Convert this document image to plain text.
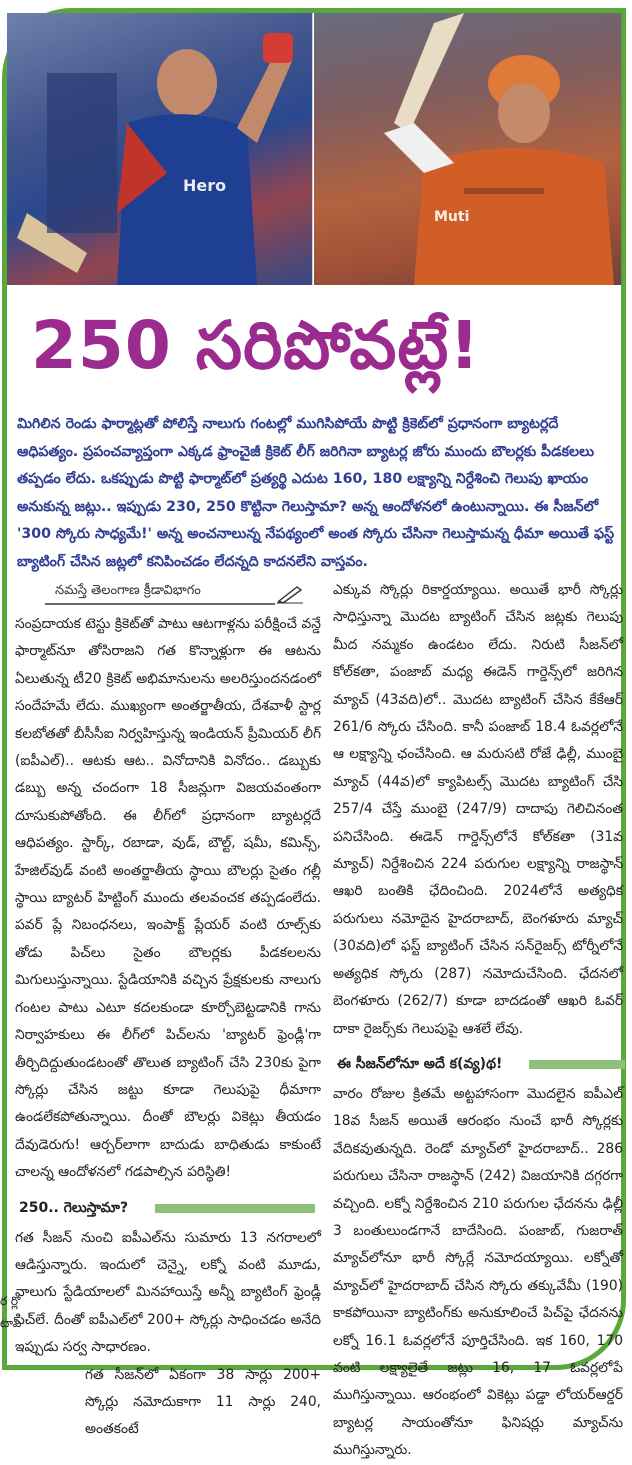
Hero
Muti
250 సరిపోవట్లే!
మిగిలిన రెండు ఫార్మాట్లతో పోలిస్తే నాలుగు గంటల్లో ముగిసిపోయే పొట్టి క్రికెట్‌లో ప్రధానంగా బ్యాటర్లదే ఆధిపత్యం. ప్రపంచవ్యాప్తంగా ఎక్కడ ఫ్రాంచైజీ క్రికెట్ లీగ్ జరిగినా బ్యాటర్ల జోరు ముందు బౌలర్లకు పీడకలలు తప్పడం లేదు. ఒకప్పుడు పొట్టి ఫార్మాట్‌లో ప్రత్యర్థి ఎదుట 160, 180 లక్ష్యాన్ని నిర్దేశించి గెలుపు ఖాయం అనుకున్న జట్లు.. ఇప్పుడు 230, 250 కొట్టినా గెలుస్తామా? అన్న ఆందోళనలో ఉంటున్నాయి. ఈ సీజన్‌లో '300 స్కోరు సాధ్యమే!' అన్న అంచనాలున్న నేపథ్యంలో అంత స్కోరు చేసినా గెలుస్తామన్న ధీమా అయితే ఫస్ట్ బ్యాటింగ్ చేసిన జట్లలో కనిపించడం లేదన్నది కాదనలేని వాస్తవం.
నమస్తే తెలంగాణ క్రీడావిభాగం

సంప్రదాయక టెస్టు క్రికెట్‌తో పాటు ఆటగాళ్లను పరీక్షించే వన్డే ఫార్మాట్‌నూ తోసిరాజని గత కొన్నాళ్లుగా ఈ ఆటను ఏలుతున్న టీ20 క్రికెట్ అభిమానులను అలరిస్తుందనడంలో సందేహమే లేదు. ముఖ్యంగా అంతర్జాతీయ, దేశవాళీ స్టార్ల కలబోతతో బీసీసీఐ నిర్వహిస్తున్న ఇండియన్ ప్రీమియర్ లీగ్ (ఐపీఎల్).. ఆటకు ఆట.. వినోదానికి వినోదం.. డబ్బుకు డబ్బు అన్న చందంగా 18 సీజన్లుగా విజయవంతంగా దూసుకుపోతోంది. ఈ లీగ్‌లో ప్రధానంగా బ్యాటర్లదే ఆధిపత్యం. స్టార్క్, రబాడా, వుడ్, బౌల్ట్, షమీ, కమిన్స్, హేజిల్‌వుడ్ వంటి అంతర్జాతీయ స్థాయి బౌలర్లు సైతం గల్లీ స్థాయి బ్యాటర్ హిట్టింగ్ ముందు తలవంచక తప్పడంలేదు. పవర్ ప్లే నిబంధనలు, ఇంపాక్ట్ ప్లేయర్ వంటి రూల్స్‌కు తోడు పిచ్‌లు సైతం బౌలర్లకు పీడకలలను మిగులుస్తున్నాయి. స్టేడియానికి వచ్చిన ప్రేక్షకులకు నాలుగు గంటల పాటు ఎటూ కదలకుండా కూర్చోబెట్టడానికి గాను నిర్వాహకులు ఈ లీగ్‌లో పిచ్‌లను 'బ్యాటర్ ఫ్రెండ్లీ'గా తీర్చిదిద్దుతుండటంతో తొలుత బ్యాటింగ్ చేసి 230కు పైగా స్కోర్లు చేసిన జట్టు కూడా గెలుపుపై ధీమాగా ఉండలేకపోతున్నాయి. దీంతో బౌలర్లు వికెట్లు తీయడం దేవుడెరుగు! ఆర్చర్‌లాగా బాదుడు బాధితుడు కాకుంటే చాలన్న ఆందోళనలో గడపాల్సిన పరిస్థితి!

250.. గెలుస్తామా?

గత సీజన్ నుంచి ఐపీఎల్‌ను సుమారు 13 నగరాలలో ఆడిస్తున్నారు. ఇందులో చెన్నై, లక్నో వంటి మూడు, నాలుగు స్టేడియాలలో మినహాయిస్తే అన్నీ బ్యాటింగ్ ఫ్రెండ్లీ పిచ్‌లే. దీంతో ఐపీఎల్‌లో 200+ స్కోర్లు సాధించడం అనేది ఇప్పుడు సర్వ సాధారణం.

గత సీజన్‌లో ఏకంగా 38 సార్లు 200+ స్కోర్లు నమోదుకాగా 11 సార్లు 240, అంతకంటే

ఎక్కువ స్కోర్లు రికార్డయ్యాయి. అయితే భారీ స్కోర్లు సాధిస్తున్నా మొదట బ్యాటింగ్ చేసిన జట్లకు గెలుపు మీద నమ్మకం ఉండటం లేదు. నిరుటి సీజన్‌లో కోల్‌కతా, పంజాబ్ మధ్య ఈడెన్ గార్డెన్స్‌లో జరిగిన మ్యాచ్ (43వది)లో.. మొదట బ్యాటింగ్ చేసిన కేకేఆర్ 261/6 స్కోరు చేసింది. కానీ పంజాబ్ 18.4 ఓవర్లలోనే ఆ లక్ష్యాన్ని ఛంచేసింది. ఆ మరుసటి రోజే ఢిల్లీ, ముంబై మ్యాచ్ (44వ)లో క్యాపిటల్స్ మొదట బ్యాటింగ్ చేసి 257/4 చేస్తే ముంబై (247/9) దాదాపు గెలిచినంత పనిచేసింది. ఈడెన్ గార్డెన్స్‌లోనే కోల్‌కతా (31వ మ్యాచ్) నిర్దేశించిన 224 పరుగుల లక్ష్యాన్ని రాజస్థాన్ ఆఖరి బంతికి ఛేదించింది. 2024లోనే అత్యధిక పరుగులు నమోదైన హైదరాబాద్, బెంగళూరు మ్యాచ్ (30వది)లో ఫస్ట్ బ్యాటింగ్ చేసిన సన్‌రైజర్స్ టోర్నీలోనే అత్యధిక స్కోరు (287) నమోదుచేసింది. ఛేదనలో బెంగళూరు (262/7) కూడా బాదడంతో ఆఖరి ఓవర్ దాకా రైజర్స్‌కు గెలుపుపై ఆశలే లేవు.

ఈ సీజన్‌లోనూ అదే క(వ్య)థ!

వారం రోజుల క్రితమే అట్టహాసంగా మొదలైన ఐపీఎల్ 18వ సీజన్ అయితే ఆరంభం నుంచే భారీ స్కోర్లకు వేదికవుతున్నది. రెండో మ్యాచ్‌లో హైదరాబాద్.. 286 పరుగులు చేసినా రాజస్థాన్ (242) విజయానికి దగ్గరగా వచ్చింది. లక్నో నిర్దేశించిన 210 పరుగుల ఛేదనను ఢిల్లీ 3 బంతులుండగానే బాదేసింది. పంజాబ్, గుజరాత్ మ్యాచ్‌లోనూ భారీ స్కోర్లే నమోదయ్యాయి. లక్నోతో మ్యాచ్‌లో హైదరాబాద్ చేసిన స్కోరు తక్కువేమీ (190) కాకపోయినా బ్యాటింగ్‌కు అనుకూలించే పిచ్‌పై ఛేదనను లక్నో 16.1 ఓవర్లలోనే పూర్తిచేసింది. ఇక 160, 170 వంటి లక్ష్యాలైతే జట్లు 16, 17 ఓవర్లలోపే ముగిస్తున్నాయి. ఆరంభంలో వికెట్లు పడ్డా లోయర్‌ఆర్డర్ బ్యాటర్ల సాయంతోనూ ఫినిషర్లు మ్యాచ్‌ను ముగిస్తున్నారు.

ర ర్లో టాప్
